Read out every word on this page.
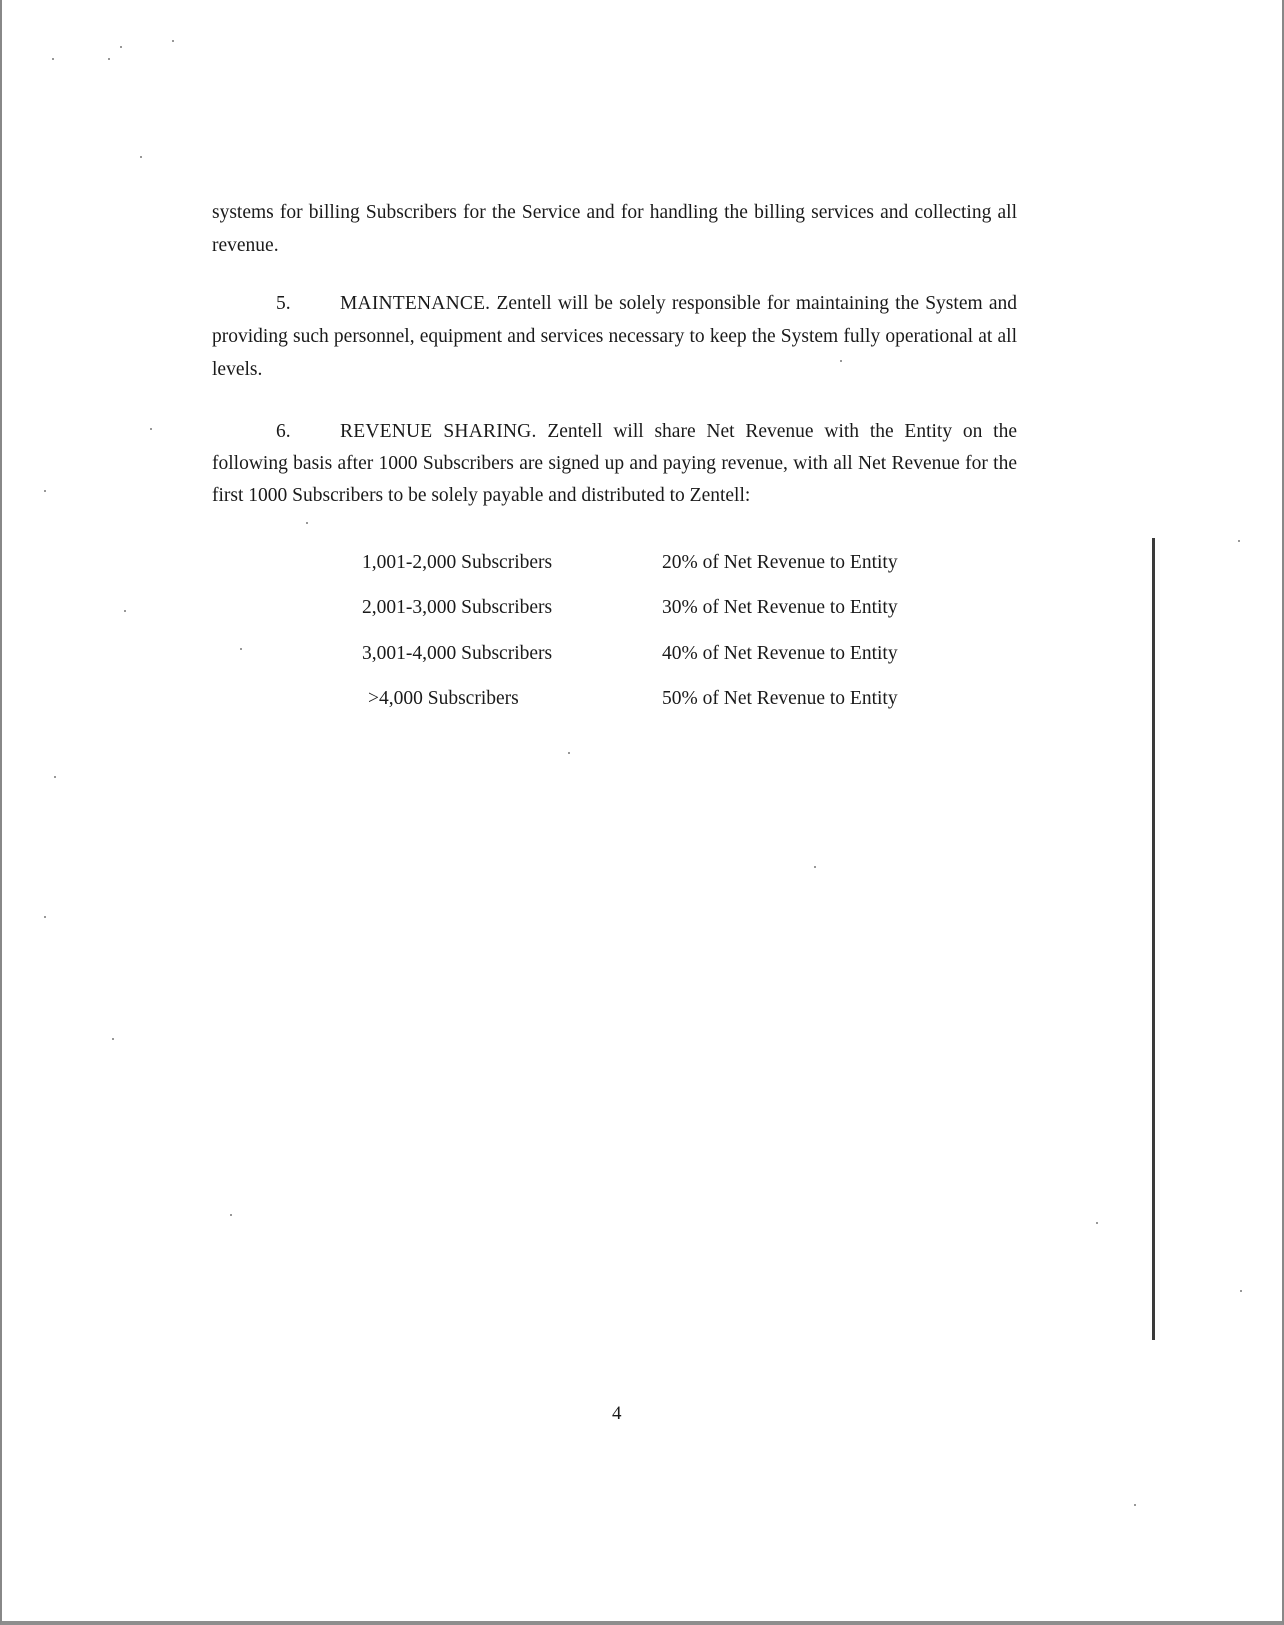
systems for billing Subscribers for the Service and for handling the billing services and collecting all revenue.

5.	MAINTENANCE. Zentell will be solely responsible for maintaining the System and providing such personnel, equipment and services necessary to keep the System fully operational at all levels.

6.	REVENUE SHARING. Zentell will share Net Revenue with the Entity on the following basis after 1000 Subscribers are signed up and paying revenue, with all Net Revenue for the first 1000 Subscribers to be solely payable and distributed to Zentell:

1,001-2,000 Subscribers	20% of Net Revenue to Entity
2,001-3,000 Subscribers	30% of Net Revenue to Entity
3,001-4,000 Subscribers	40% of Net Revenue to Entity
>4,000 Subscribers	50% of Net Revenue to Entity
4
